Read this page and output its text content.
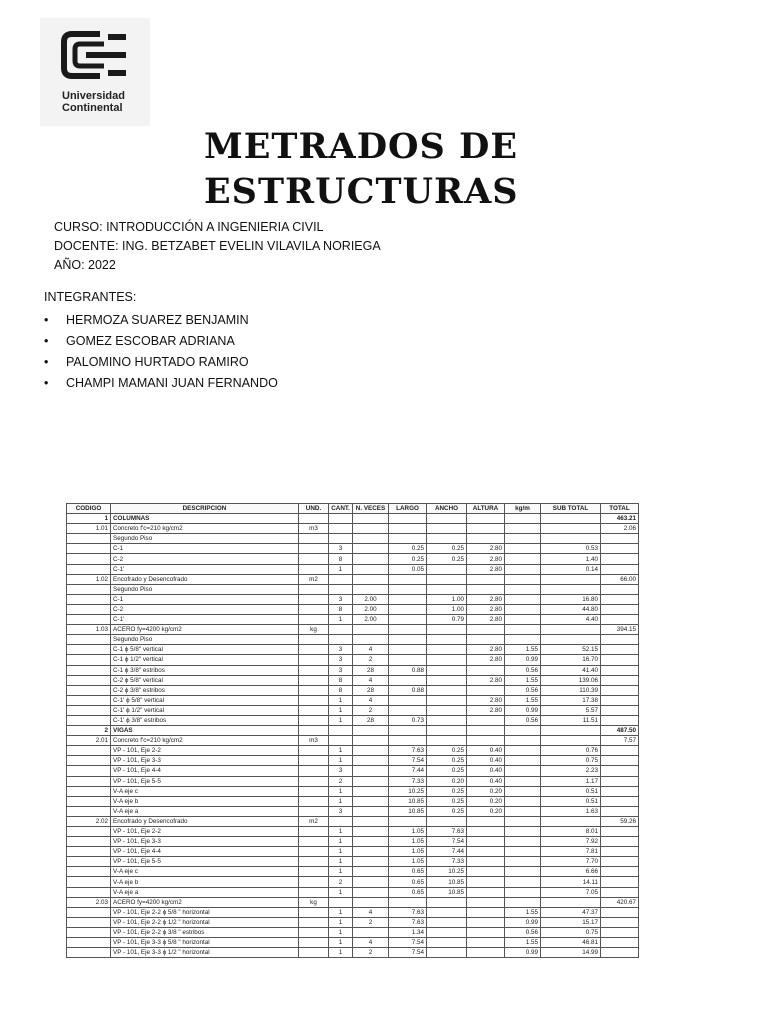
Universidad
Continental
METRADOS DE
ESTRUCTURAS
CURSO: INTRODUCCIÓN A INGENIERIA CIVIL
DOCENTE: ING. BETZABET EVELIN VILAVILA NORIEGA
AÑO: 2022
INTEGRANTES:
• HERMOZA SUAREZ BENJAMIN
• GOMEZ ESCOBAR ADRIANA
• PALOMINO HURTADO RAMIRO
• CHAMPI MAMANI JUAN FERNANDO
CODIGO	DESCRIPCION	UND.	CANT.	N. VECES	LARGO	ANCHO	ALTURA	kg/m	SUB TOTAL	TOTAL
1	COLUMNAS									463.21
1.01	Concreto f'c=210 kg/cm2	m3								2.06
	Segundo Piso									
	C-1		3		0.25	0.25	2.80		0.53	
	C-2		8		0.25	0.25	2.80		1.40	
	C-1'		1		0.05		2.80		0.14	
1.02	Encofrado y Desencofrado	m2								66.00
	Segundo Piso									
	C-1		3	2.00		1.00	2.80		16.80	
	C-2		8	2.00		1.00	2.80		44.80	
	C-1'		1	2.00		0.79	2.80		4.40	
1.03	ACERO fy=4200 kg/cm2	kg								394.15
	Segundo Piso									
	C-1 ϕ 5/8" vertical		3	4			2.80	1.55	52.15	
	C-1 ϕ 1/2" vertical		3	2			2.80	0.99	16.70	
	C-1 ϕ 3/8" estribos		3	28	0.88			0.56	41.40	
	C-2 ϕ 5/8" vertical		8	4			2.80	1.55	139.06	
	C-2 ϕ 3/8" estribos		8	28	0.88			0.56	110.39	
	C-1' ϕ 5/8" vertical		1	4			2.80	1.55	17.38	
	C-1' ϕ 1/2" vertical		1	2			2.80	0.99	5.57	
	C-1' ϕ 3/8" estribos		1	28	0.73			0.56	11.51	
2	VIGAS									487.50
2.01	Concreto f'c=210 kg/cm2	m3								7.57
	VP - 101, Eje 2-2		1		7.63	0.25	0.40		0.76	
	VP - 101, Eje 3-3		1		7.54	0.25	0.40		0.75	
	VP - 101, Eje 4-4		3		7.44	0.25	0.40		2.23	
	VP - 101, Eje 5-5		2		7.33	0.20	0.40		1.17	
	V-A eje c		1		10.25	0.25	0.20		0.51	
	V-A eje b		1		10.85	0.25	0.20		0.51	
	V-A eje a		3		10.85	0.25	0.20		1.63	
2.02	Encofrado y Desencofrado	m2								59.26
	VP - 101, Eje 2-2		1		1.05	7.63			8.01	
	VP - 101, Eje 3-3		1		1.05	7.54			7.92	
	VP - 101, Eje 4-4		1		1.05	7.44			7.81	
	VP - 101, Eje 5-5		1		1.05	7.33			7.70	
	V-A eje c		1		0.65	10.25			6.66	
	V-A eje b		2		0.65	10.85			14.11	
	V-A eje a		1		0.65	10.85			7.05	
2.03	ACERO fy=4200 kg/cm2	kg								420.67
	VP - 101, Eje 2-2 ϕ 5/8 " horizontal		1	4	7.63			1.55	47.37	
	VP - 101, Eje 2-2 ϕ 1/2 " horizontal		1	2	7.63			0.99	15.17	
	VP - 101, Eje 2-2 ϕ 3/8 " estribos		1		1.34			0.56	0.75	
	VP - 101, Eje 3-3 ϕ 5/8 " horizontal		1	4	7.54			1.55	46.81	
	VP - 101, Eje 3-3 ϕ 1/2 " horizontal		1	2	7.54			0.99	14.99	
